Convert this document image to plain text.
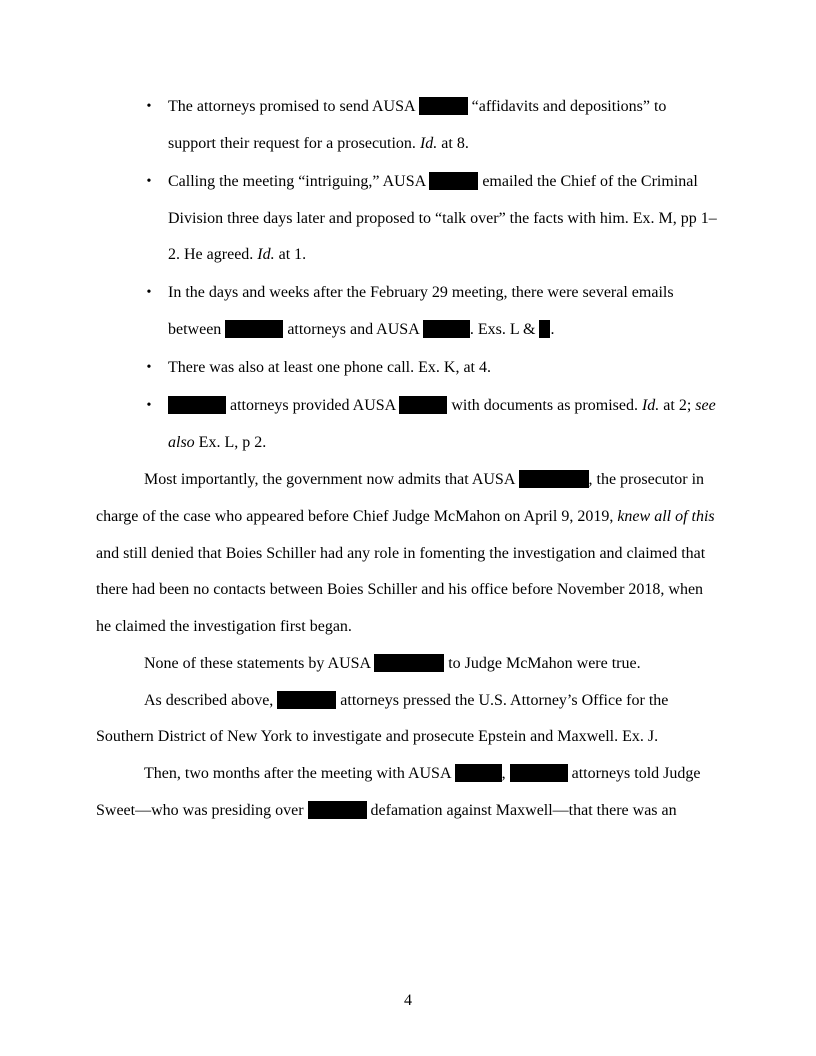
• The attorneys promised to send AUSA	“affidavits and depositions” to
support their request for a prosecution. Id. at 8.
• Calling the meeting “intriguing,” AUSA	emailed the Chief of the Criminal
Division three days later and proposed to “talk over” the facts with him. Ex. M, pp 1–
2. He agreed. Id. at 1.
• In the days and weeks after the February 29 meeting, there were several emails
between	attorneys and AUSA	. Exs. L & .
• There was also at least one phone call. Ex. K, at 4.
•	attorneys provided AUSA	with documents as promised. Id. at 2; see
also Ex. L, p 2.
Most importantly, the government now admits that AUSA	, the prosecutor in
charge of the case who appeared before Chief Judge McMahon on April 9, 2019, knew all of this
and still denied that Boies Schiller had any role in fomenting the investigation and claimed that
there had been no contacts between Boies Schiller and his office before November 2018, when
he claimed the investigation first began.
None of these statements by AUSA	to Judge McMahon were true.
As described above,	attorneys pressed the U.S. Attorney’s Office for the
Southern District of New York to investigate and prosecute Epstein and Maxwell. Ex. J.
Then, two months after the meeting with AUSA	,	attorneys told Judge
Sweet—who was presiding over	defamation against Maxwell—that there was an
4
